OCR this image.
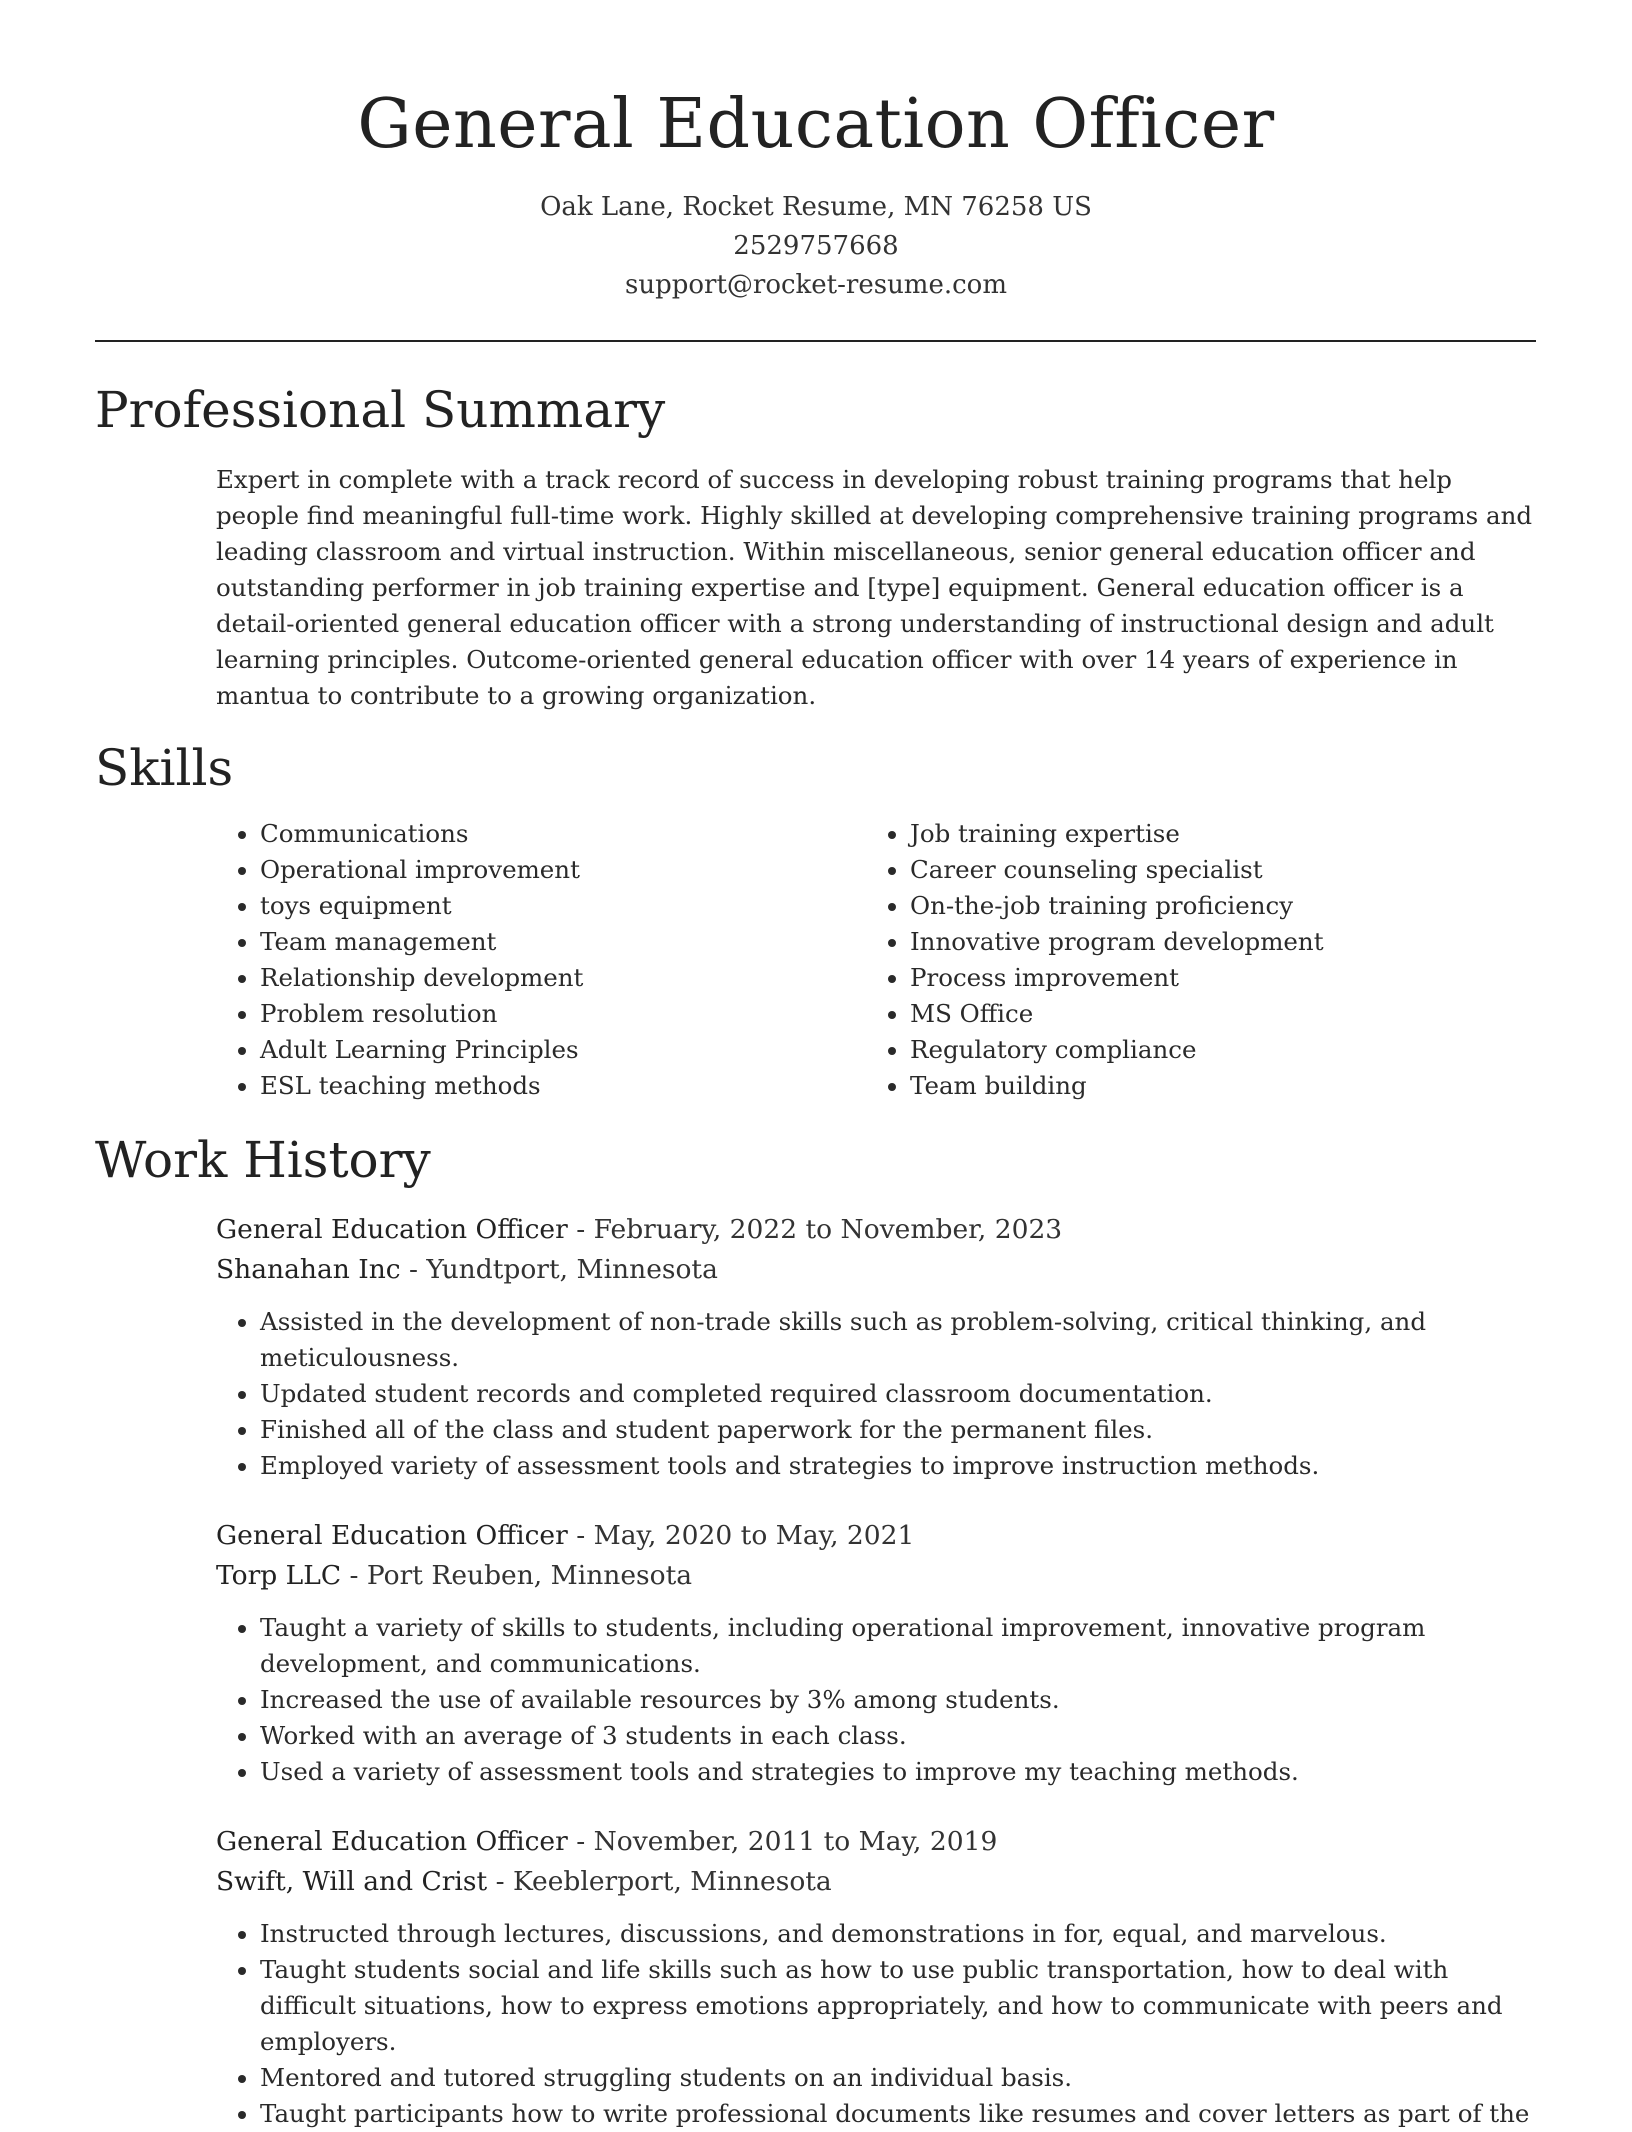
General Education Officer
Oak Lane, Rocket Resume, MN 76258 US
2529757668
support@rocket-resume.com
Professional Summary

Expert in complete with a track record of success in developing robust training programs that help people find meaningful full-time work. Highly skilled at developing comprehensive training programs and leading classroom and virtual instruction. Within miscellaneous, senior general education officer and outstanding performer in job training expertise and [type] equipment. General education officer is a detail-oriented general education officer with a strong understanding of instructional design and adult learning principles. Outcome-oriented general education officer with over 14 years of experience in mantua to contribute to a growing organization.

Skills
• Communications
• Operational improvement
• toys equipment
• Team management
• Relationship development
• Problem resolution
• Adult Learning Principles
• ESL teaching methods
• Job training expertise
• Career counseling specialist
• On-the-job training proficiency
• Innovative program development
• Process improvement
• MS Office
• Regulatory compliance
• Team building
Work History
General Education Officer - February, 2022 to November, 2023
Shanahan Inc - Yundtport, Minnesota
• Assisted in the development of non-trade skills such as problem-solving, critical thinking, and meticulousness.
• Updated student records and completed required classroom documentation.
• Finished all of the class and student paperwork for the permanent files.
• Employed variety of assessment tools and strategies to improve instruction methods.
General Education Officer - May, 2020 to May, 2021
Torp LLC - Port Reuben, Minnesota
• Taught a variety of skills to students, including operational improvement, innovative program development, and communications.
• Increased the use of available resources by 3% among students.
• Worked with an average of 3 students in each class.
• Used a variety of assessment tools and strategies to improve my teaching methods.
General Education Officer - November, 2011 to May, 2019
Swift, Will and Crist - Keeblerport, Minnesota
• Instructed through lectures, discussions, and demonstrations in for, equal, and marvelous.
• Taught students social and life skills such as how to use public transportation, how to deal with difficult situations, how to express emotions appropriately, and how to communicate with peers and employers.
• Mentored and tutored struggling students on an individual basis.
• Taught participants how to write professional documents like resumes and cover letters as part of the
